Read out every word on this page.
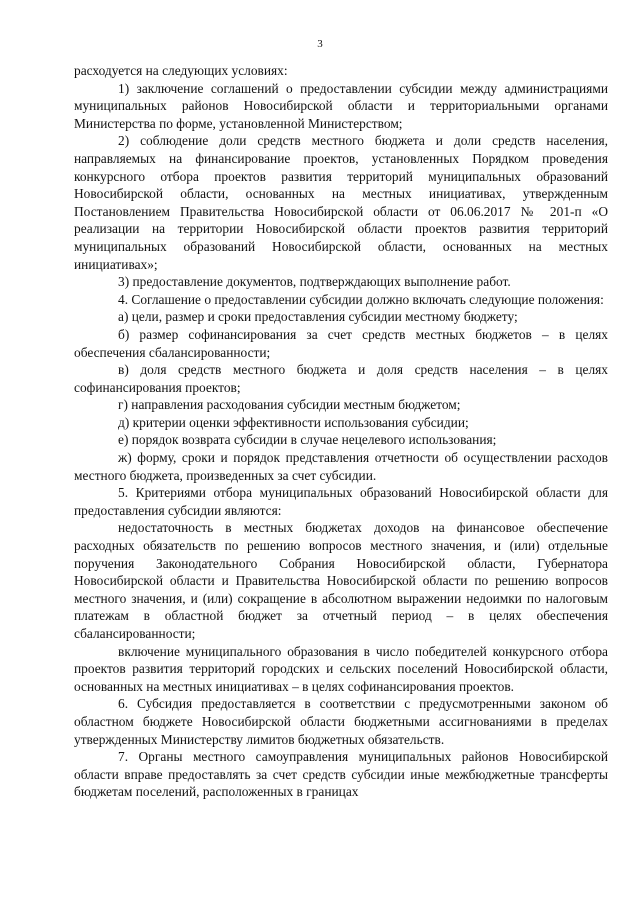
3

расходуется на следующих условиях:

1) заключение соглашений о предоставлении субсидии между администрациями муниципальных районов Новосибирской области и территориальными органами Министерства по форме, установленной Министерством;

2) соблюдение доли средств местного бюджета и доли средств населения, направляемых на финансирование проектов, установленных Порядком проведения конкурсного отбора проектов развития территорий муниципальных образований Новосибирской области, основанных на местных инициативах, утвержденным Постановлением Правительства Новосибирской области от 06.06.2017 № 201-п «О реализации на территории Новосибирской области проектов развития территорий муниципальных образований Новосибирской области, основанных на местных инициативах»;

3) предоставление документов, подтверждающих выполнение работ.

4. Соглашение о предоставлении субсидии должно включать следующие положения:

а) цели, размер и сроки предоставления субсидии местному бюджету;

б) размер софинансирования за счет средств местных бюджетов – в целях обеспечения сбалансированности;

в) доля средств местного бюджета и доля средств населения – в целях софинансирования проектов;

г) направления расходования субсидии местным бюджетом;

д) критерии оценки эффективности использования субсидии;

е) порядок возврата субсидии в случае нецелевого использования;

ж) форму, сроки и порядок представления отчетности об осуществлении расходов местного бюджета, произведенных за счет субсидии.

5. Критериями отбора муниципальных образований Новосибирской области для предоставления субсидии являются:

недостаточность в местных бюджетах доходов на финансовое обеспечение расходных обязательств по решению вопросов местного значения, и (или) отдельные поручения Законодательного Собрания Новосибирской области, Губернатора Новосибирской области и Правительства Новосибирской области по решению вопросов местного значения, и (или) сокращение в абсолютном выражении недоимки по налоговым платежам в областной бюджет за отчетный период – в целях обеспечения сбалансированности;

включение муниципального образования в число победителей конкурсного отбора проектов развития территорий городских и сельских поселений Новосибирской области, основанных на местных инициативах – в целях софинансирования проектов.

6. Субсидия предоставляется в соответствии с предусмотренными законом об областном бюджете Новосибирской области бюджетными ассигнованиями в пределах утвержденных Министерству лимитов бюджетных обязательств.

7. Органы местного самоуправления муниципальных районов Новосибирской области вправе предоставлять за счет средств субсидии иные межбюджетные трансферты бюджетам поселений, расположенных в границах
